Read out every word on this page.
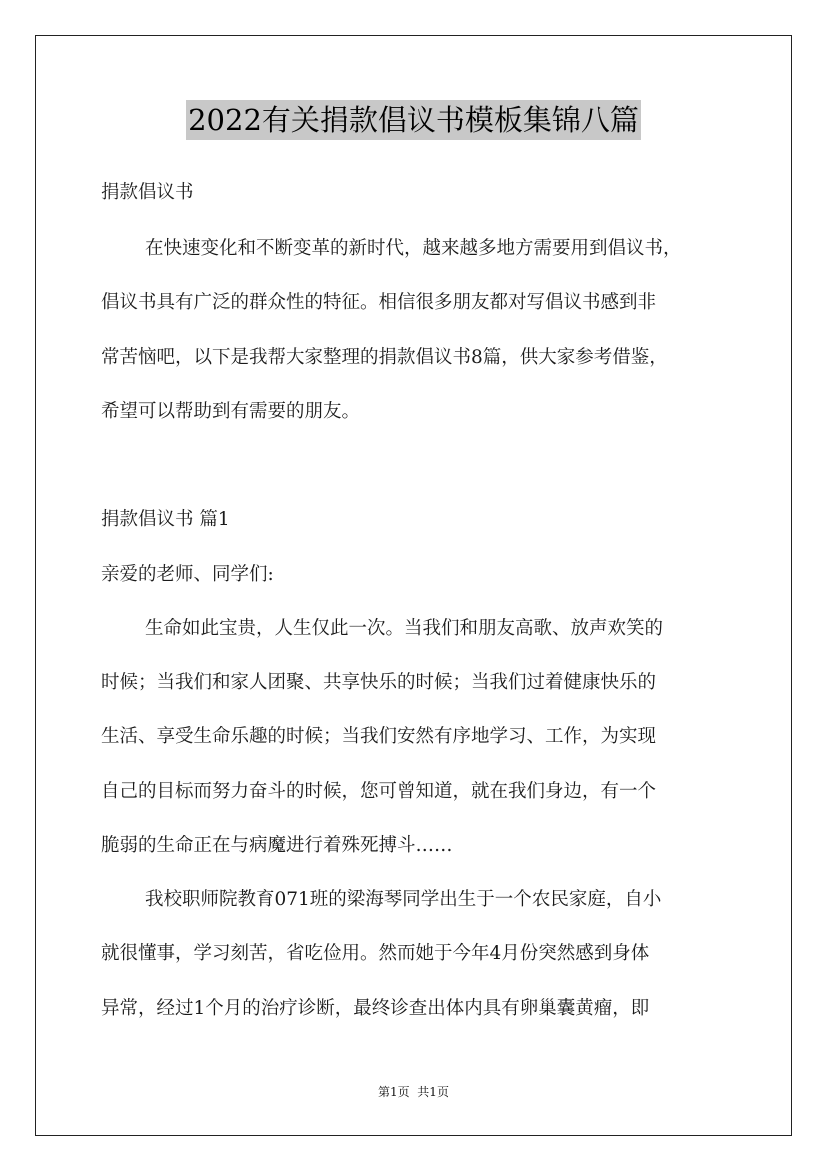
2022有关捐款倡议书模板集锦八篇
捐款倡议书
在快速变化和不断变革的新时代，越来越多地方需要用到倡议书，
倡议书具有广泛的群众性的特征。相信很多朋友都对写倡议书感到非
常苦恼吧，以下是我帮大家整理的捐款倡议书8篇，供大家参考借鉴，
希望可以帮助到有需要的朋友。
捐款倡议书 篇1
亲爱的老师、同学们:
生命如此宝贵，人生仅此一次。当我们和朋友高歌、放声欢笑的
时候；当我们和家人团聚、共享快乐的时候；当我们过着健康快乐的
生活、享受生命乐趣的时候；当我们安然有序地学习、工作，为实现
自己的目标而努力奋斗的时候，您可曾知道，就在我们身边，有一个
脆弱的生命正在与病魔进行着殊死搏斗……
我校职师院教育071班的梁海琴同学出生于一个农民家庭，自小
就很懂事，学习刻苦，省吃俭用。然而她于今年4月份突然感到身体
异常，经过1个月的治疗诊断，最终诊查出体内具有卵巢囊黄瘤，即
第1页  共1页
